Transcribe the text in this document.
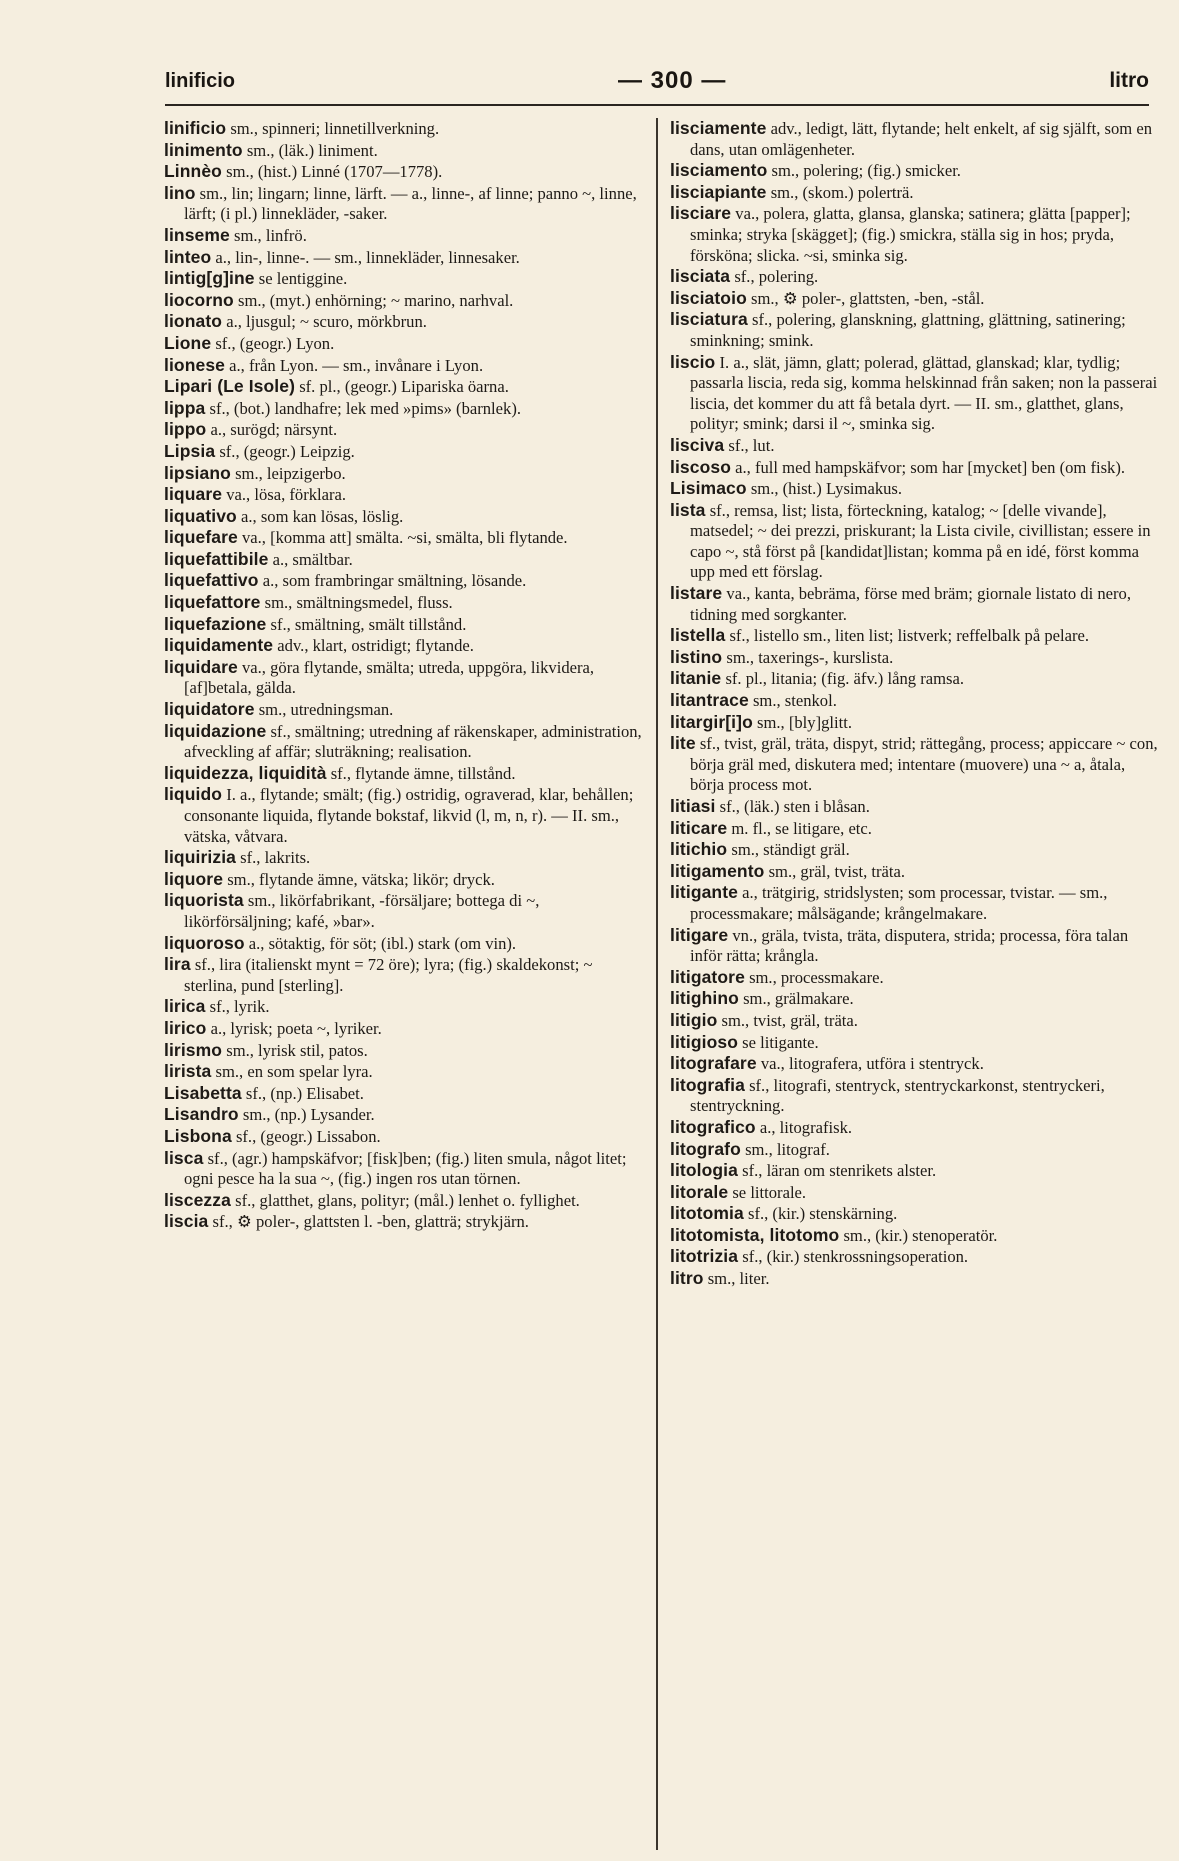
linificio	— 300 —	litro

linificio sm., spinneri; linnetillverkning.

linimento sm., (läk.) liniment.

Linnèo sm., (hist.) Linné (1707—1778).

lino sm., lin; lingarn; linne, lärft. — a., linne-, af linne; panno ~, linne, lärft; (i pl.) linnekläder, -saker.

linseme sm., linfrö.

linteo a., lin-, linne-. — sm., linnekläder, linnesaker.

lintig[g]ine se lentiggine.

liocorno sm., (myt.) enhörning; ~ marino, narhval.

lionato a., ljusgul; ~ scuro, mörkbrun.

Lione sf., (geogr.) Lyon.

lionese a., från Lyon. — sm., invånare i Lyon.

Lipari (Le Isole) sf. pl., (geogr.) Lipariska öarna.

lippa sf., (bot.) landhafre; lek med »pims» (barnlek).

lippo a., surögd; närsynt.

Lipsia sf., (geogr.) Leipzig.

lipsiano sm., leipzigerbo.

liquare va., lösa, förklara.

liquativo a., som kan lösas, löslig.

liquefare va., [komma att] smälta. ~si, smälta, bli flytande.

liquefattibile a., smältbar.

liquefattivo a., som frambringar smältning, lösande.

liquefattore sm., smältningsmedel, fluss.

liquefazione sf., smältning, smält tillstånd.

liquidamente adv., klart, ostridigt; flytande.

liquidare va., göra flytande, smälta; utreda, uppgöra, likvidera, [af]betala, gälda.

liquidatore sm., utredningsman.

liquidazione sf., smältning; utredning af räkenskaper, administration, afveckling af affär; sluträkning; realisation.

liquidezza, liquidità sf., flytande ämne, tillstånd.

liquido I. a., flytande; smält; (fig.) ostridig, ograverad, klar, behållen; consonante liquida, flytande bokstaf, likvid (l, m, n, r). — II. sm., vätska, våtvara.

liquirizia sf., lakrits.

liquore sm., flytande ämne, vätska; likör; dryck.

liquorista sm., likörfabrikant, -försäljare; bottega di ~, likörförsäljning; kafé, »bar».

liquoroso a., sötaktig, för söt; (ibl.) stark (om vin).

lira sf., lira (italienskt mynt = 72 öre); lyra; (fig.) skaldekonst; ~ sterlina, pund [sterling].

lirica sf., lyrik.

lirico a., lyrisk; poeta ~, lyriker.

lirismo sm., lyrisk stil, patos.

lirista sm., en som spelar lyra.

Lisabetta sf., (np.) Elisabet.

Lisandro sm., (np.) Lysander.

Lisbona sf., (geogr.) Lissabon.

lisca sf., (agr.) hampskäfvor; [fisk]ben; (fig.) liten smula, något litet; ogni pesce ha la sua ~, (fig.) ingen ros utan törnen.

liscezza sf., glatthet, glans, polityr; (mål.) lenhet o. fyllighet.

liscia sf., ⚙ poler-, glattsten l. -ben, glatträ; strykjärn.

lisciamente adv., ledigt, lätt, flytande; helt enkelt, af sig själft, som en dans, utan omlägenheter.

lisciamento sm., polering; (fig.) smicker.

lisciapiante sm., (skom.) polerträ.

lisciare va., polera, glatta, glansa, glanska; satinera; glätta [papper]; sminka; stryka [skägget]; (fig.) smickra, ställa sig in hos; pryda, försköna; slicka. ~si, sminka sig.

lisciata sf., polering.

lisciatoio sm., ⚙ poler-, glattsten, -ben, -stål.

lisciatura sf., polering, glanskning, glattning, glättning, satinering; sminkning; smink.

liscio I. a., slät, jämn, glatt; polerad, glättad, glanskad; klar, tydlig; passarla liscia, reda sig, komma helskinnad från saken; non la passerai liscia, det kommer du att få betala dyrt. — II. sm., glatthet, glans, polityr; smink; darsi il ~, sminka sig.

lisciva sf., lut.

liscoso a., full med hampskäfvor; som har [mycket] ben (om fisk).

Lisimaco sm., (hist.) Lysimakus.

lista sf., remsa, list; lista, förteckning, katalog; ~ [delle vivande], matsedel; ~ dei prezzi, priskurant; la Lista civile, civillistan; essere in capo ~, stå först på [kandidat]listan; komma på en idé, först komma upp med ett förslag.

listare va., kanta, bebräma, förse med bräm; giornale listato di nero, tidning med sorgkanter.

listella sf., listello sm., liten list; listverk; reffelbalk på pelare.

listino sm., taxerings-, kurslista.

litanie sf. pl., litania; (fig. äfv.) lång ramsa.

litantrace sm., stenkol.

litargir[i]o sm., [bly]glitt.

lite sf., tvist, gräl, träta, dispyt, strid; rättegång, process; appiccare ~ con, börja gräl med, diskutera med; intentare (muovere) una ~ a, åtala, börja process mot.

litiasi sf., (läk.) sten i blåsan.

liticare m. fl., se litigare, etc.

litichio sm., ständigt gräl.

litigamento sm., gräl, tvist, träta.

litigante a., trätgirig, stridslysten; som processar, tvistar. — sm., processmakare; målsägande; krångelmakare.

litigare vn., gräla, tvista, träta, disputera, strida; processa, föra talan inför rätta; krångla.

litigatore sm., processmakare.

litighino sm., grälmakare.

litigio sm., tvist, gräl, träta.

litigioso se litigante.

litografare va., litografera, utföra i stentryck.

litografia sf., litografi, stentryck, stentryckarkonst, stentryckeri, stentryckning.

litografico a., litografisk.

litografo sm., litograf.

litologia sf., läran om stenrikets alster.

litorale se littorale.

litotomia sf., (kir.) stenskärning.

litotomista, litotomo sm., (kir.) stenoperatör.

litotrizia sf., (kir.) stenkrossningsoperation.

litro sm., liter.
